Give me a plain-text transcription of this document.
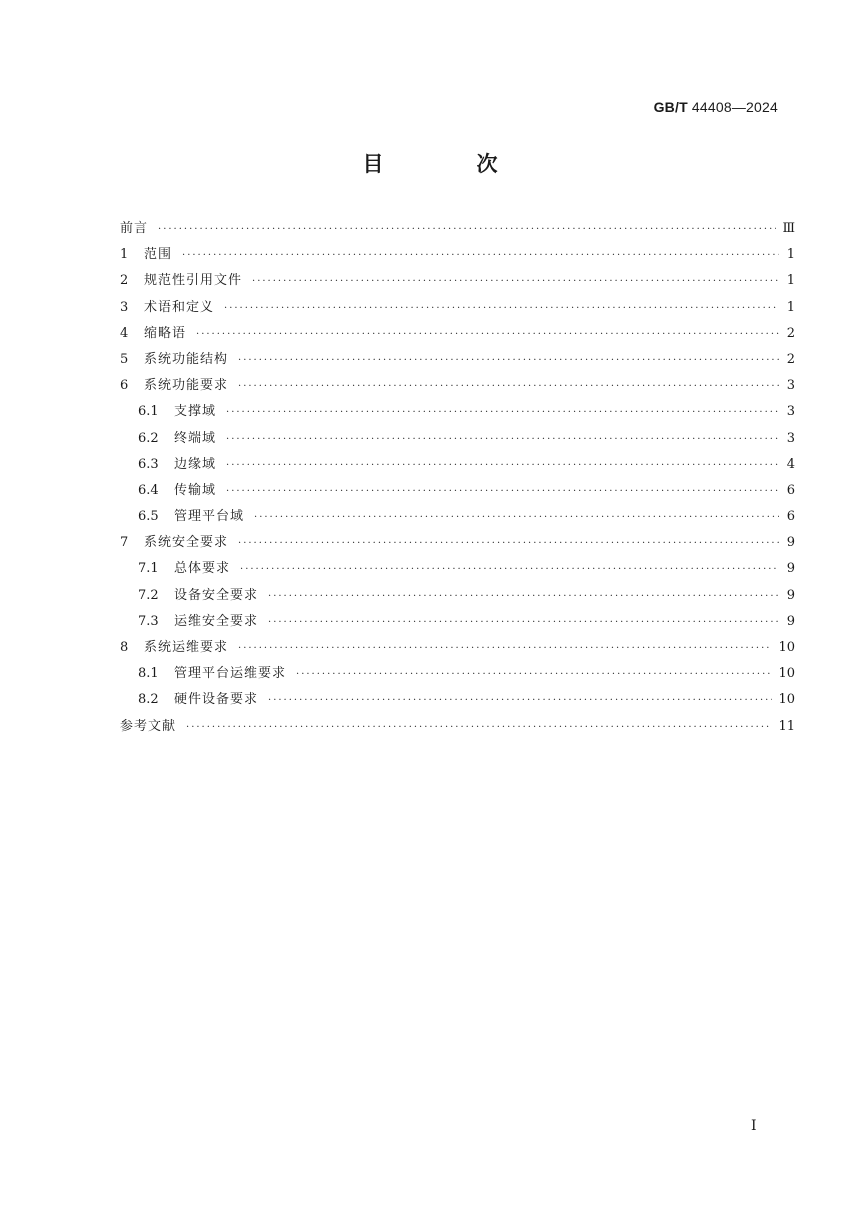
GB/T 44408—2024
目　次
前言 ·····	Ⅲ
1	范围 ·····	1
2	规范性引用文件 ·····	1
3	术语和定义 ·····	1
4	缩略语 ·····	2
5	系统功能结构 ·····	2
6	系统功能要求 ·····	3
6.1	支撑域 ·····	3
6.2	终端域 ·····	3
6.3	边缘域 ·····	4
6.4	传输域 ·····	6
6.5	管理平台域 ·····	6
7	系统安全要求 ·····	9
7.1	总体要求 ·····	9
7.2	设备安全要求 ·····	9
7.3	运维安全要求 ·····	9
8	系统运维要求 ·····	10
8.1	管理平台运维要求 ·····	10
8.2	硬件设备要求 ·····	10
参考文献 ·····	11
Ⅰ
